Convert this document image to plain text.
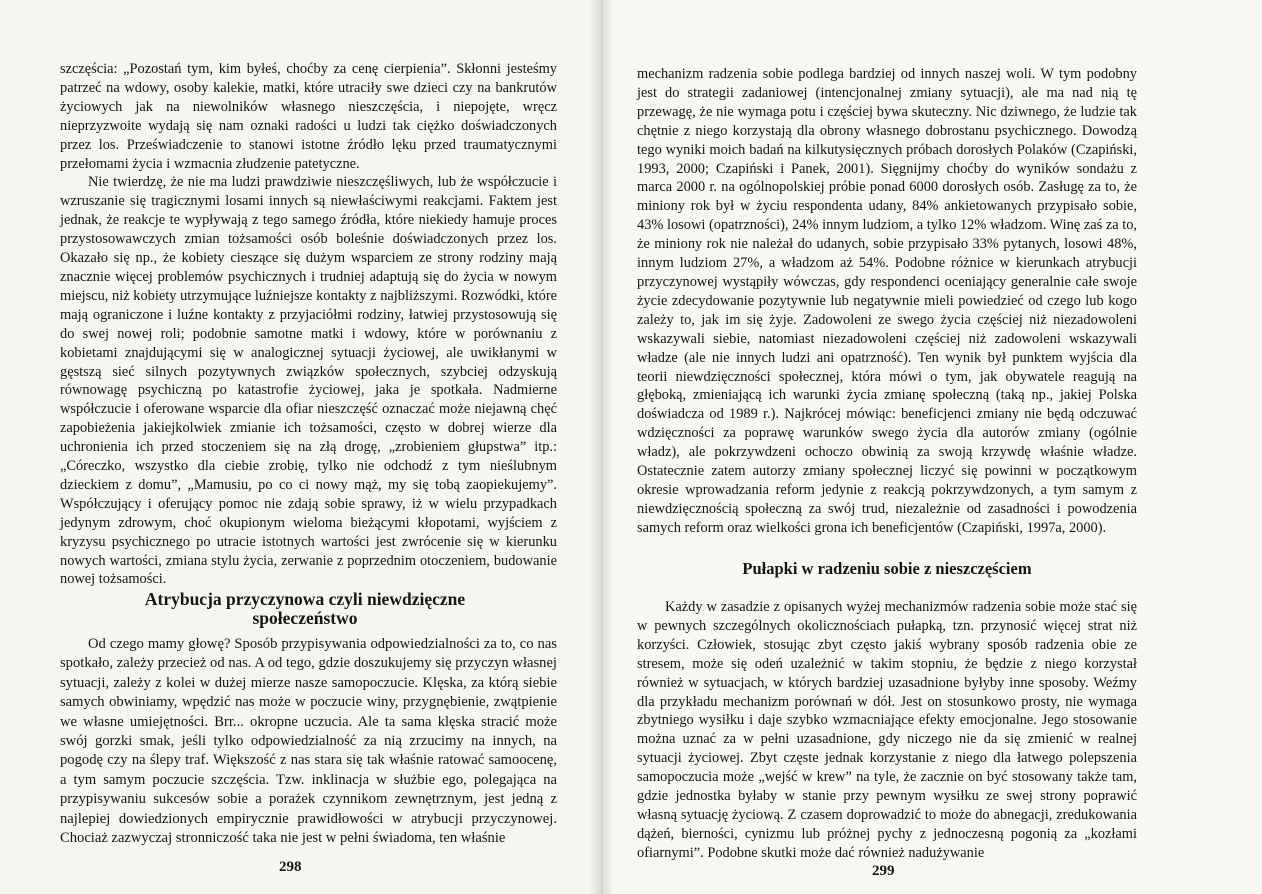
szczęścia: „Pozostań tym, kim byłeś, choćby za cenę cierpienia”. Skłonni jesteśmy patrzeć na wdowy, osoby kalekie, matki, które utraciły swe dzieci czy na bankrutów życiowych jak na niewolników własnego nieszczęścia, i niepojęte, wręcz nieprzyzwoite wydają się nam oznaki radości u ludzi tak ciężko doświadczonych przez los. Przeświadczenie to stanowi istotne źródło lęku przed traumatycznymi przełomami życia i wzmacnia złudzenie patetyczne.

Nie twierdzę, że nie ma ludzi prawdziwie nieszczęśliwych, lub że współczucie i wzruszanie się tragicznymi losami innych są niewłaściwymi reakcjami. Faktem jest jednak, że reakcje te wypływają z tego samego źródła, które niekiedy hamuje proces przystosowawczych zmian tożsamości osób boleśnie doświadczonych przez los. Okazało się np., że kobiety cieszące się dużym wsparciem ze strony rodziny mają znacznie więcej problemów psychicznych i trudniej adaptują się do życia w nowym miejscu, niż kobiety utrzymujące luźniejsze kontakty z najbliższymi. Rozwódki, które mają ograniczone i luźne kontakty z przyjaciółmi rodziny, łatwiej przystosowują się do swej nowej roli; podobnie samotne matki i wdowy, które w porównaniu z kobietami znajdującymi się w analogicznej sytuacji życiowej, ale uwikłanymi w gęstszą sieć silnych pozytywnych związków społecznych, szybciej odzyskują równowagę psychiczną po katastrofie życiowej, jaka je spotkała. Nadmierne współczucie i oferowane wsparcie dla ofiar nieszczęść oznaczać może niejawną chęć zapobieżenia jakiejkolwiek zmianie ich tożsamości, często w dobrej wierze dla uchronienia ich przed stoczeniem się na złą drogę, „zrobieniem głupstwa” itp.: „Córeczko, wszystko dla ciebie zrobię, tylko nie odchodź z tym nieślubnym dzieckiem z domu”, „Mamusiu, po co ci nowy mąż, my się tobą zaopiekujemy”. Współczujący i oferujący pomoc nie zdają sobie sprawy, iż w wielu przypadkach jedynym zdrowym, choć okupionym wieloma bieżącymi kłopotami, wyjściem z kryzysu psychicznego po utracie istotnych wartości jest zwrócenie się w kierunku nowych wartości, zmiana stylu życia, zerwanie z poprzednim otoczeniem, budowanie nowej tożsamości.

Atrybucja przyczynowa czyli niewdzięczne społeczeństwo

Od czego mamy głowę? Sposób przypisywania odpowiedzialności za to, co nas spotkało, zależy przecież od nas. A od tego, gdzie doszukujemy się przyczyn własnej sytuacji, zależy z kolei w dużej mierze nasze samopoczucie. Klęska, za którą siebie samych obwiniamy, wpędzić nas może w poczucie winy, przygnębienie, zwątpienie we własne umiejętności. Brr... okropne uczucia. Ale ta sama klęska stracić może swój gorzki smak, jeśli tylko odpowiedzialność za nią zrzucimy na innych, na pogodę czy na ślepy traf. Większość z nas stara się tak właśnie ratować samoocenę, a tym samym poczucie szczęścia. Tzw. inklinacja w służbie ego, polegająca na przypisywaniu sukcesów sobie a porażek czynnikom zewnętrznym, jest jedną z najlepiej dowiedzionych empirycznie prawidłowości w atrybucji przyczynowej. Chociaż zazwyczaj stronniczość taka nie jest w pełni świadoma, ten właśnie

298

mechanizm radzenia sobie podlega bardziej od innych naszej woli. W tym podobny jest do strategii zadaniowej (intencjonalnej zmiany sytuacji), ale ma nad nią tę przewagę, że nie wymaga potu i częściej bywa skuteczny. Nic dziwnego, że ludzie tak chętnie z niego korzystają dla obrony własnego dobrostanu psychicznego. Dowodzą tego wyniki moich badań na kilkutysięcznych próbach dorosłych Polaków (Czapiński, 1993, 2000; Czapiński i Panek, 2001). Sięgnijmy choćby do wyników sondażu z marca 2000 r. na ogólnopolskiej próbie ponad 6000 dorosłych osób. Zasługę za to, że miniony rok był w życiu respondenta udany, 84% ankietowanych przypisało sobie, 43% losowi (opatrzności), 24% innym ludziom, a tylko 12% władzom. Winę zaś za to, że miniony rok nie należał do udanych, sobie przypisało 33% pytanych, losowi 48%, innym ludziom 27%, a władzom aż 54%. Podobne różnice w kierunkach atrybucji przyczynowej wystąpiły wówczas, gdy respondenci oceniający generalnie całe swoje życie zdecydowanie pozytywnie lub negatywnie mieli powiedzieć od czego lub kogo zależy to, jak im się żyje. Zadowoleni ze swego życia częściej niż niezadowoleni wskazywali siebie, natomiast niezadowoleni częściej niż zadowoleni wskazywali władze (ale nie innych ludzi ani opatrzność). Ten wynik był punktem wyjścia dla teorii niewdzięczności społecznej, która mówi o tym, jak obywatele reagują na głęboką, zmieniającą ich warunki życia zmianę społeczną (taką np., jakiej Polska doświadcza od 1989 r.). Najkrócej mówiąc: beneficjenci zmiany nie będą odczuwać wdzięczności za poprawę warunków swego życia dla autorów zmiany (ogólnie władz), ale pokrzywdzeni ochoczo obwinią za swoją krzywdę właśnie władze. Ostatecznie zatem autorzy zmiany społecznej liczyć się powinni w początkowym okresie wprowadzania reform jedynie z reakcją pokrzywdzonych, a tym samym z niewdzięcznością społeczną za swój trud, niezależnie od zasadności i powodzenia samych reform oraz wielkości grona ich beneficjentów (Czapiński, 1997a, 2000).

Pułapki w radzeniu sobie z nieszczęściem

Każdy w zasadzie z opisanych wyżej mechanizmów radzenia sobie może stać się w pewnych szczególnych okolicznościach pułapką, tzn. przynosić więcej strat niż korzyści. Człowiek, stosując zbyt często jakiś wybrany sposób radzenia obie ze stresem, może się odeń uzależnić w takim stopniu, że będzie z niego korzystał również w sytuacjach, w których bardziej uzasadnione byłyby inne sposoby. Weźmy dla przykładu mechanizm porównań w dół. Jest on stosunkowo prosty, nie wymaga zbytniego wysiłku i daje szybko wzmacniające efekty emocjonalne. Jego stosowanie można uznać za w pełni uzasadnione, gdy niczego nie da się zmienić w realnej sytuacji życiowej. Zbyt częste jednak korzystanie z niego dla łatwego polepszenia samopoczucia może „wejść w krew” na tyle, że zacznie on być stosowany także tam, gdzie jednostka byłaby w stanie przy pewnym wysiłku ze swej strony poprawić własną sytuację życiową. Z czasem doprowadzić to może do abnegacji, zredukowania dążeń, bierności, cynizmu lub próżnej pychy z jednoczesną pogonią za „kozłami ofiarnymi”. Podobne skutki może dać również nadużywanie

299
